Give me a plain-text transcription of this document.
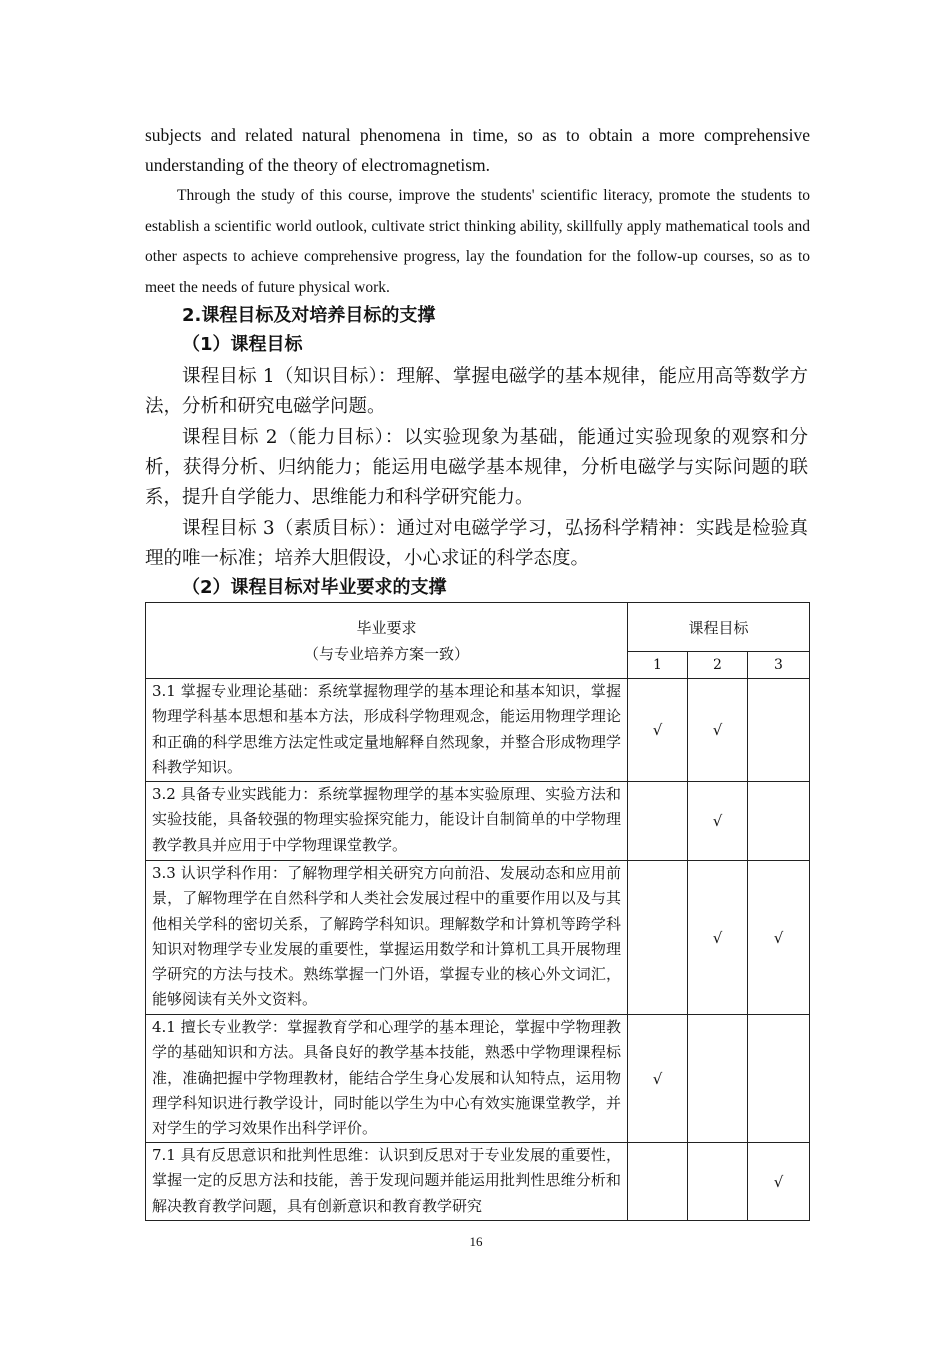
subjects and related natural phenomena in time, so as to obtain a more comprehensive understanding of the theory of electromagnetism.

Through the study of this course, improve the students' scientific literacy, promote the students to establish a scientific world outlook, cultivate strict thinking ability, skillfully apply mathematical tools and other aspects to achieve comprehensive progress, lay the foundation for the follow-up courses, so as to meet the needs of future physical work.

2.课程目标及对培养目标的支撑

（1）课程目标

课程目标 1（知识目标）：理解、掌握电磁学的基本规律，能应用高等数学方法，分析和研究电磁学问题。

课程目标 2（能力目标）：以实验现象为基础，能通过实验现象的观察和分析，获得分析、归纳能力；能运用电磁学基本规律，分析电磁学与实际问题的联系，提升自学能力、思维能力和科学研究能力。

课程目标 3（素质目标）：通过对电磁学学习，弘扬科学精神：实践是检验真理的唯一标准；培养大胆假设，小心求证的科学态度。

（2）课程目标对毕业要求的支撑

毕业要求
（与专业培养方案一致）	课程目标		
	1	2	3
3.1 掌握专业理论基础：系统掌握物理学的基本理论和基本知识，掌握物理学科基本思想和基本方法，形成科学物理观念，能运用物理学理论和正确的科学思维方法定性或定量地解释自然现象，并整合形成物理学科教学知识。	√	√	
3.2 具备专业实践能力：系统掌握物理学的基本实验原理、实验方法和实验技能，具备较强的物理实验探究能力，能设计自制简单的中学物理教学教具并应用于中学物理课堂教学。		√	
3.3 认识学科作用：了解物理学相关研究方向前沿、发展动态和应用前景，了解物理学在自然科学和人类社会发展过程中的重要作用以及与其他相关学科的密切关系，了解跨学科知识。理解数学和计算机等跨学科知识对物理学专业发展的重要性，掌握运用数学和计算机工具开展物理学研究的方法与技术。熟练掌握一门外语，掌握专业的核心外文词汇，能够阅读有关外文资料。		√	√
4.1 擅长专业教学：掌握教育学和心理学的基本理论，掌握中学物理教学的基础知识和方法。具备良好的教学基本技能，熟悉中学物理课程标准，准确把握中学物理教材，能结合学生身心发展和认知特点，运用物理学科知识进行教学设计，同时能以学生为中心有效实施课堂教学，并对学生的学习效果作出科学评价。	√		
7.1 具有反思意识和批判性思维：认识到反思对于专业发展的重要性，掌握一定的反思方法和技能，善于发现问题并能运用批判性思维分析和解决教育教学问题，具有创新意识和教育教学研究			√
16
